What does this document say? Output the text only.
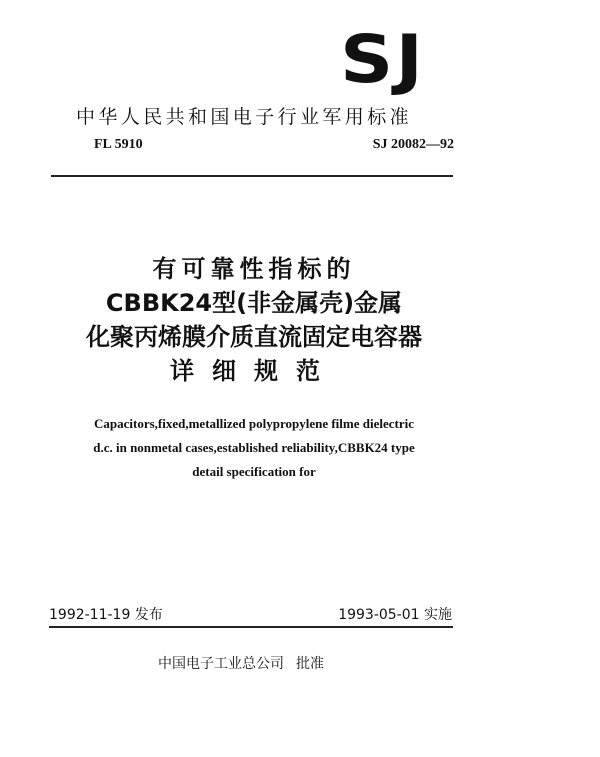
SJ
中华人民共和国电子行业军用标准
FL 5910	SJ 20082—92
有可靠性指标的
CBBK24型(非金属壳)金属
化聚丙烯膜介质直流固定电容器
详细规范
Capacitors,fixed,metallized polypropylene filme dielectric
d.c. in nonmetal cases,established reliability,CBBK24 type
detail specification for
1992-11-19 发布	1993-05-01 实施
中国电子工业总公司 批准
